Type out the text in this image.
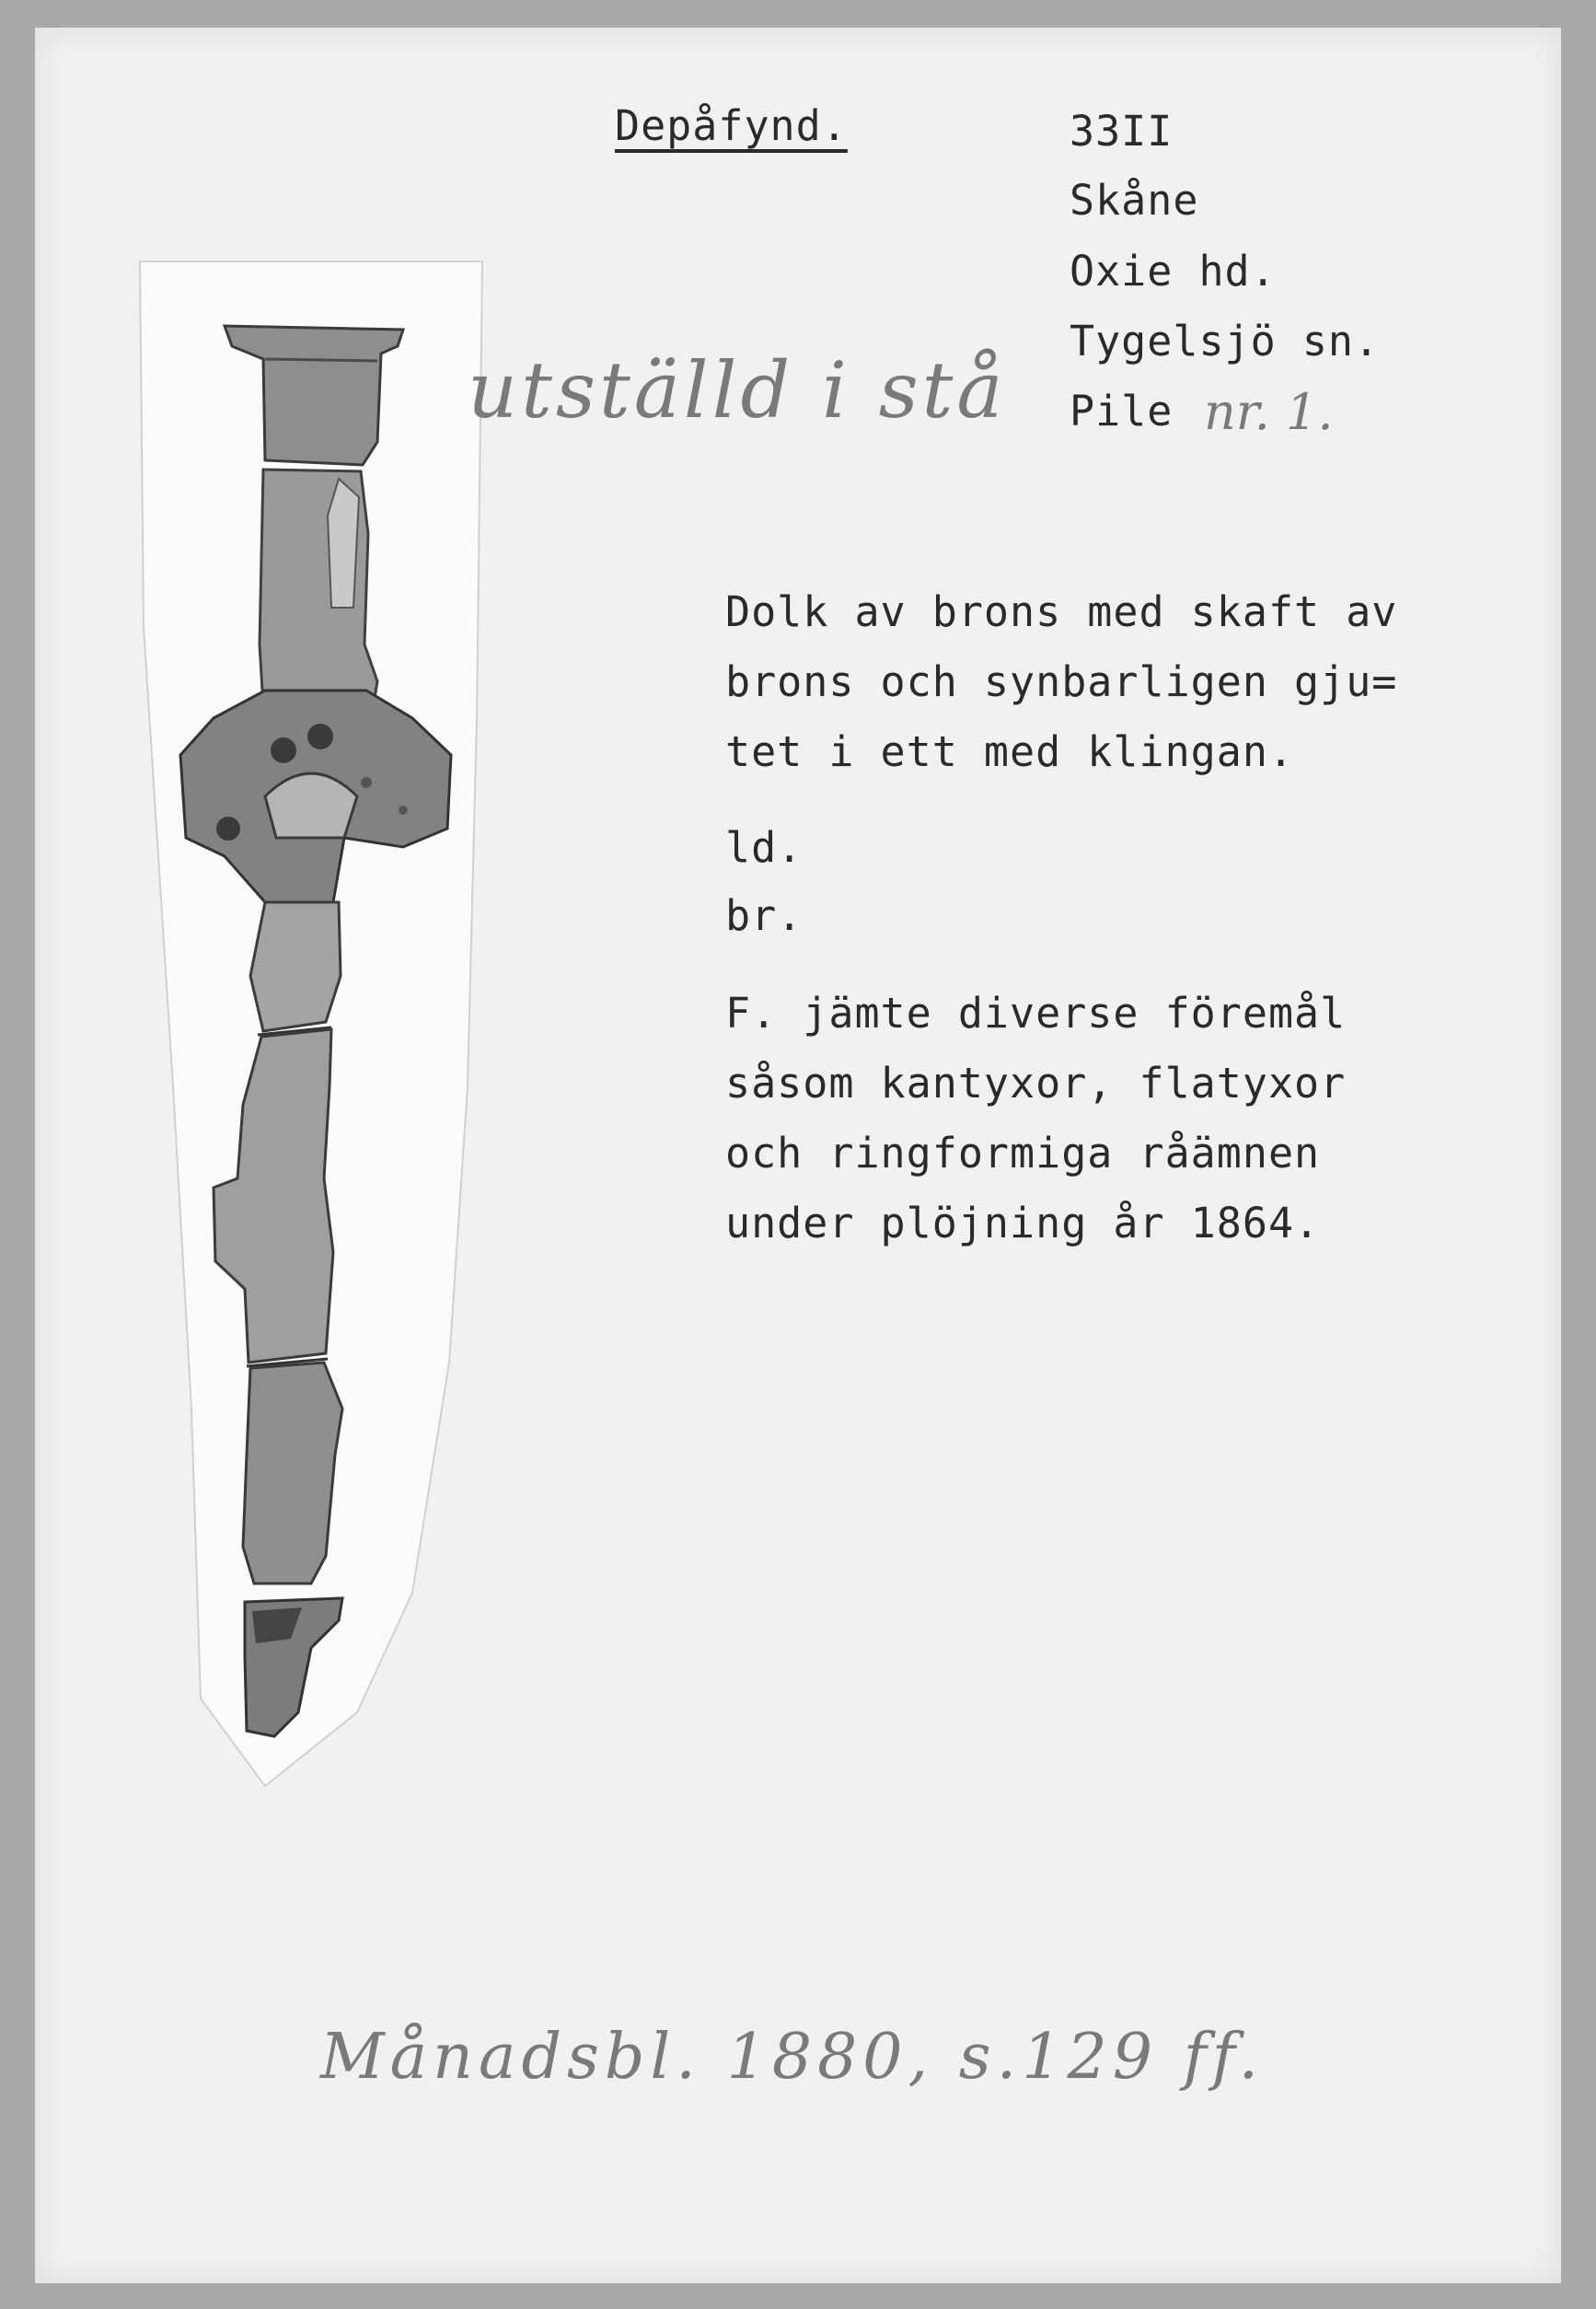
Depåfynd.	33II
Skåne
Oxie hd.
Tygelsjö sn.
Pile nr. 1.
utställd i stå
Dolk av brons med skaft av
brons och synbarligen gju=
tet i ett med klingan.
ld.
br.
F. jämte diverse föremål
såsom kantyxor, flatyxor
och ringformiga råämnen
under plöjning år 1864.
Månadsbl. 1880, s.129 ff.
